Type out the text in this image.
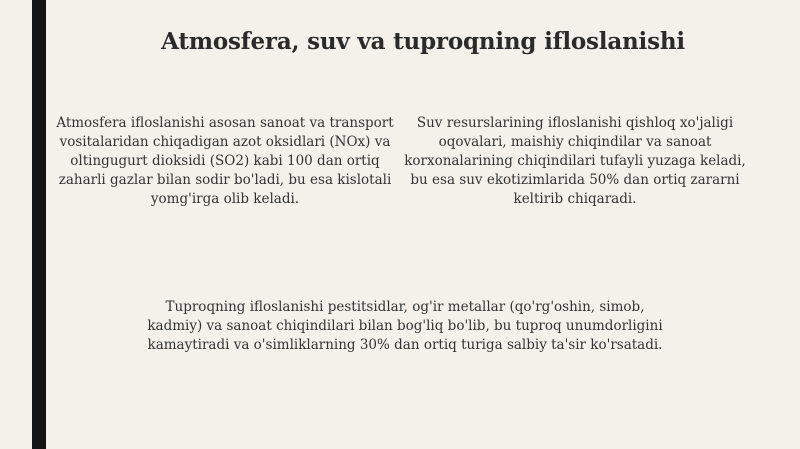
Atmosfera, suv va tuproqning ifloslanishi

Atmosfera ifloslanishi asosan sanoat va transport vositalaridan chiqadigan azot oksidlari (NOx) va oltingugurt dioksidi (SO2) kabi 100 dan ortiq zaharli gazlar bilan sodir bo'ladi, bu esa kislotali yomg'irga olib keladi.

Suv resurslarining ifloslanishi qishloq xo'jaligi oqovalari, maishiy chiqindilar va sanoat korxonalarining chiqindilari tufayli yuzaga keladi, bu esa suv ekotizimlarida 50% dan ortiq zararni keltirib chiqaradi.

Tuproqning ifloslanishi pestitsidlar, og'ir metallar (qo'rg'oshin, simob, kadmiy) va sanoat chiqindilari bilan bog'liq bo'lib, bu tuproq unumdorligini kamaytiradi va o'simliklarning 30% dan ortiq turiga salbiy ta'sir ko'rsatadi.
